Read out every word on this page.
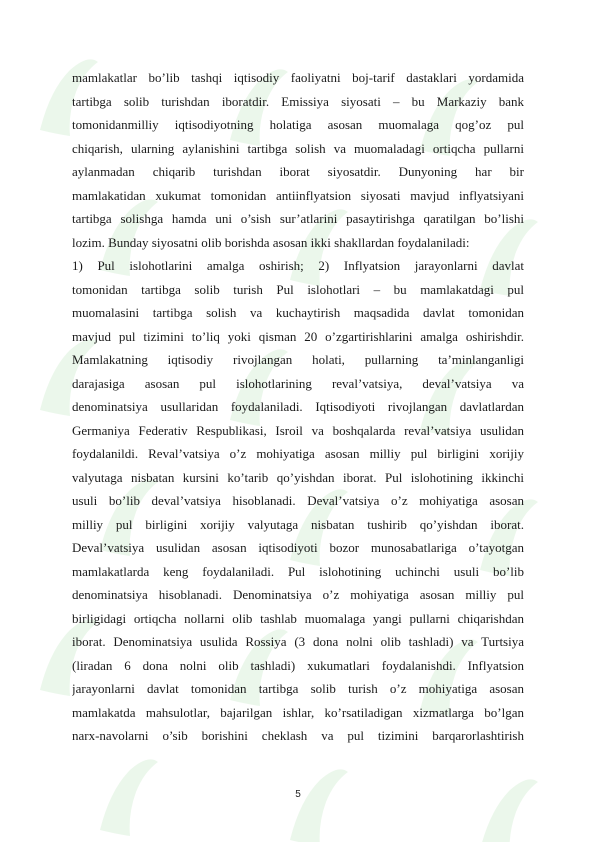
mamlakatlar bo’lib tashqi iqtisodiy faoliyatni boj-tarif dastaklari yordamida
tartibga solib turishdan iboratdir. Emissiya siyosati – bu Markaziy bank
tomonidanmilliy iqtisodiyotning holatiga asosan muomalaga qog’oz pul
chiqarish, ularning aylanishini tartibga solish va muomaladagi ortiqcha pullarni
aylanmadan chiqarib turishdan iborat siyosatdir. Dunyoning har bir
mamlakatidan xukumat tomonidan antiinflyatsion siyosati mavjud inflyatsiyani
tartibga solishga hamda uni o’sish sur’atlarini pasaytirishga qaratilgan bo’lishi
lozim. Bunday siyosatni olib borishda asosan ikki shakllardan foydalaniladi:
1) Pul islohotlarini amalga oshirish; 2) Inflyatsion jarayonlarni davlat
tomonidan tartibga solib turish Pul islohotlari – bu mamlakatdagi pul
muomalasini tartibga solish va kuchaytirish maqsadida davlat tomonidan
mavjud pul tizimini to’liq yoki qisman 20 o’zgartirishlarini amalga oshirishdir.
Mamlakatning iqtisodiy rivojlangan holati, pullarning ta’minlanganligi
darajasiga asosan pul islohotlarining reval’vatsiya, deval’vatsiya va
denominatsiya usullaridan foydalaniladi. Iqtisodiyoti rivojlangan davlatlardan
Germaniya Federativ Respublikasi, Isroil va boshqalarda reval’vatsiya usulidan
foydalanildi. Reval’vatsiya o’z mohiyatiga asosan milliy pul birligini xorijiy
valyutaga nisbatan kursini ko’tarib qo’yishdan iborat. Pul islohotining ikkinchi
usuli bo’lib deval’vatsiya hisoblanadi. Deval’vatsiya o’z mohiyatiga asosan
milliy pul birligini xorijiy valyutaga nisbatan tushirib qo’yishdan iborat.
Deval’vatsiya usulidan asosan iqtisodiyoti bozor munosabatlariga o’tayotgan
mamlakatlarda keng foydalaniladi. Pul islohotining uchinchi usuli bo’lib
denominatsiya hisoblanadi. Denominatsiya o’z mohiyatiga asosan milliy pul
birligidagi ortiqcha nollarni olib tashlab muomalaga yangi pullarni chiqarishdan
iborat. Denominatsiya usulida Rossiya (3 dona nolni olib tashladi) va Turtsiya
(liradan 6 dona nolni olib tashladi) xukumatlari foydalanishdi. Inflyatsion
jarayonlarni davlat tomonidan tartibga solib turish o’z mohiyatiga asosan
mamlakatda mahsulotlar, bajarilgan ishlar, ko’rsatiladigan xizmatlarga bo’lgan
narx-navolarni o’sib borishini cheklash va pul tizimini barqarorlashtirish
5
